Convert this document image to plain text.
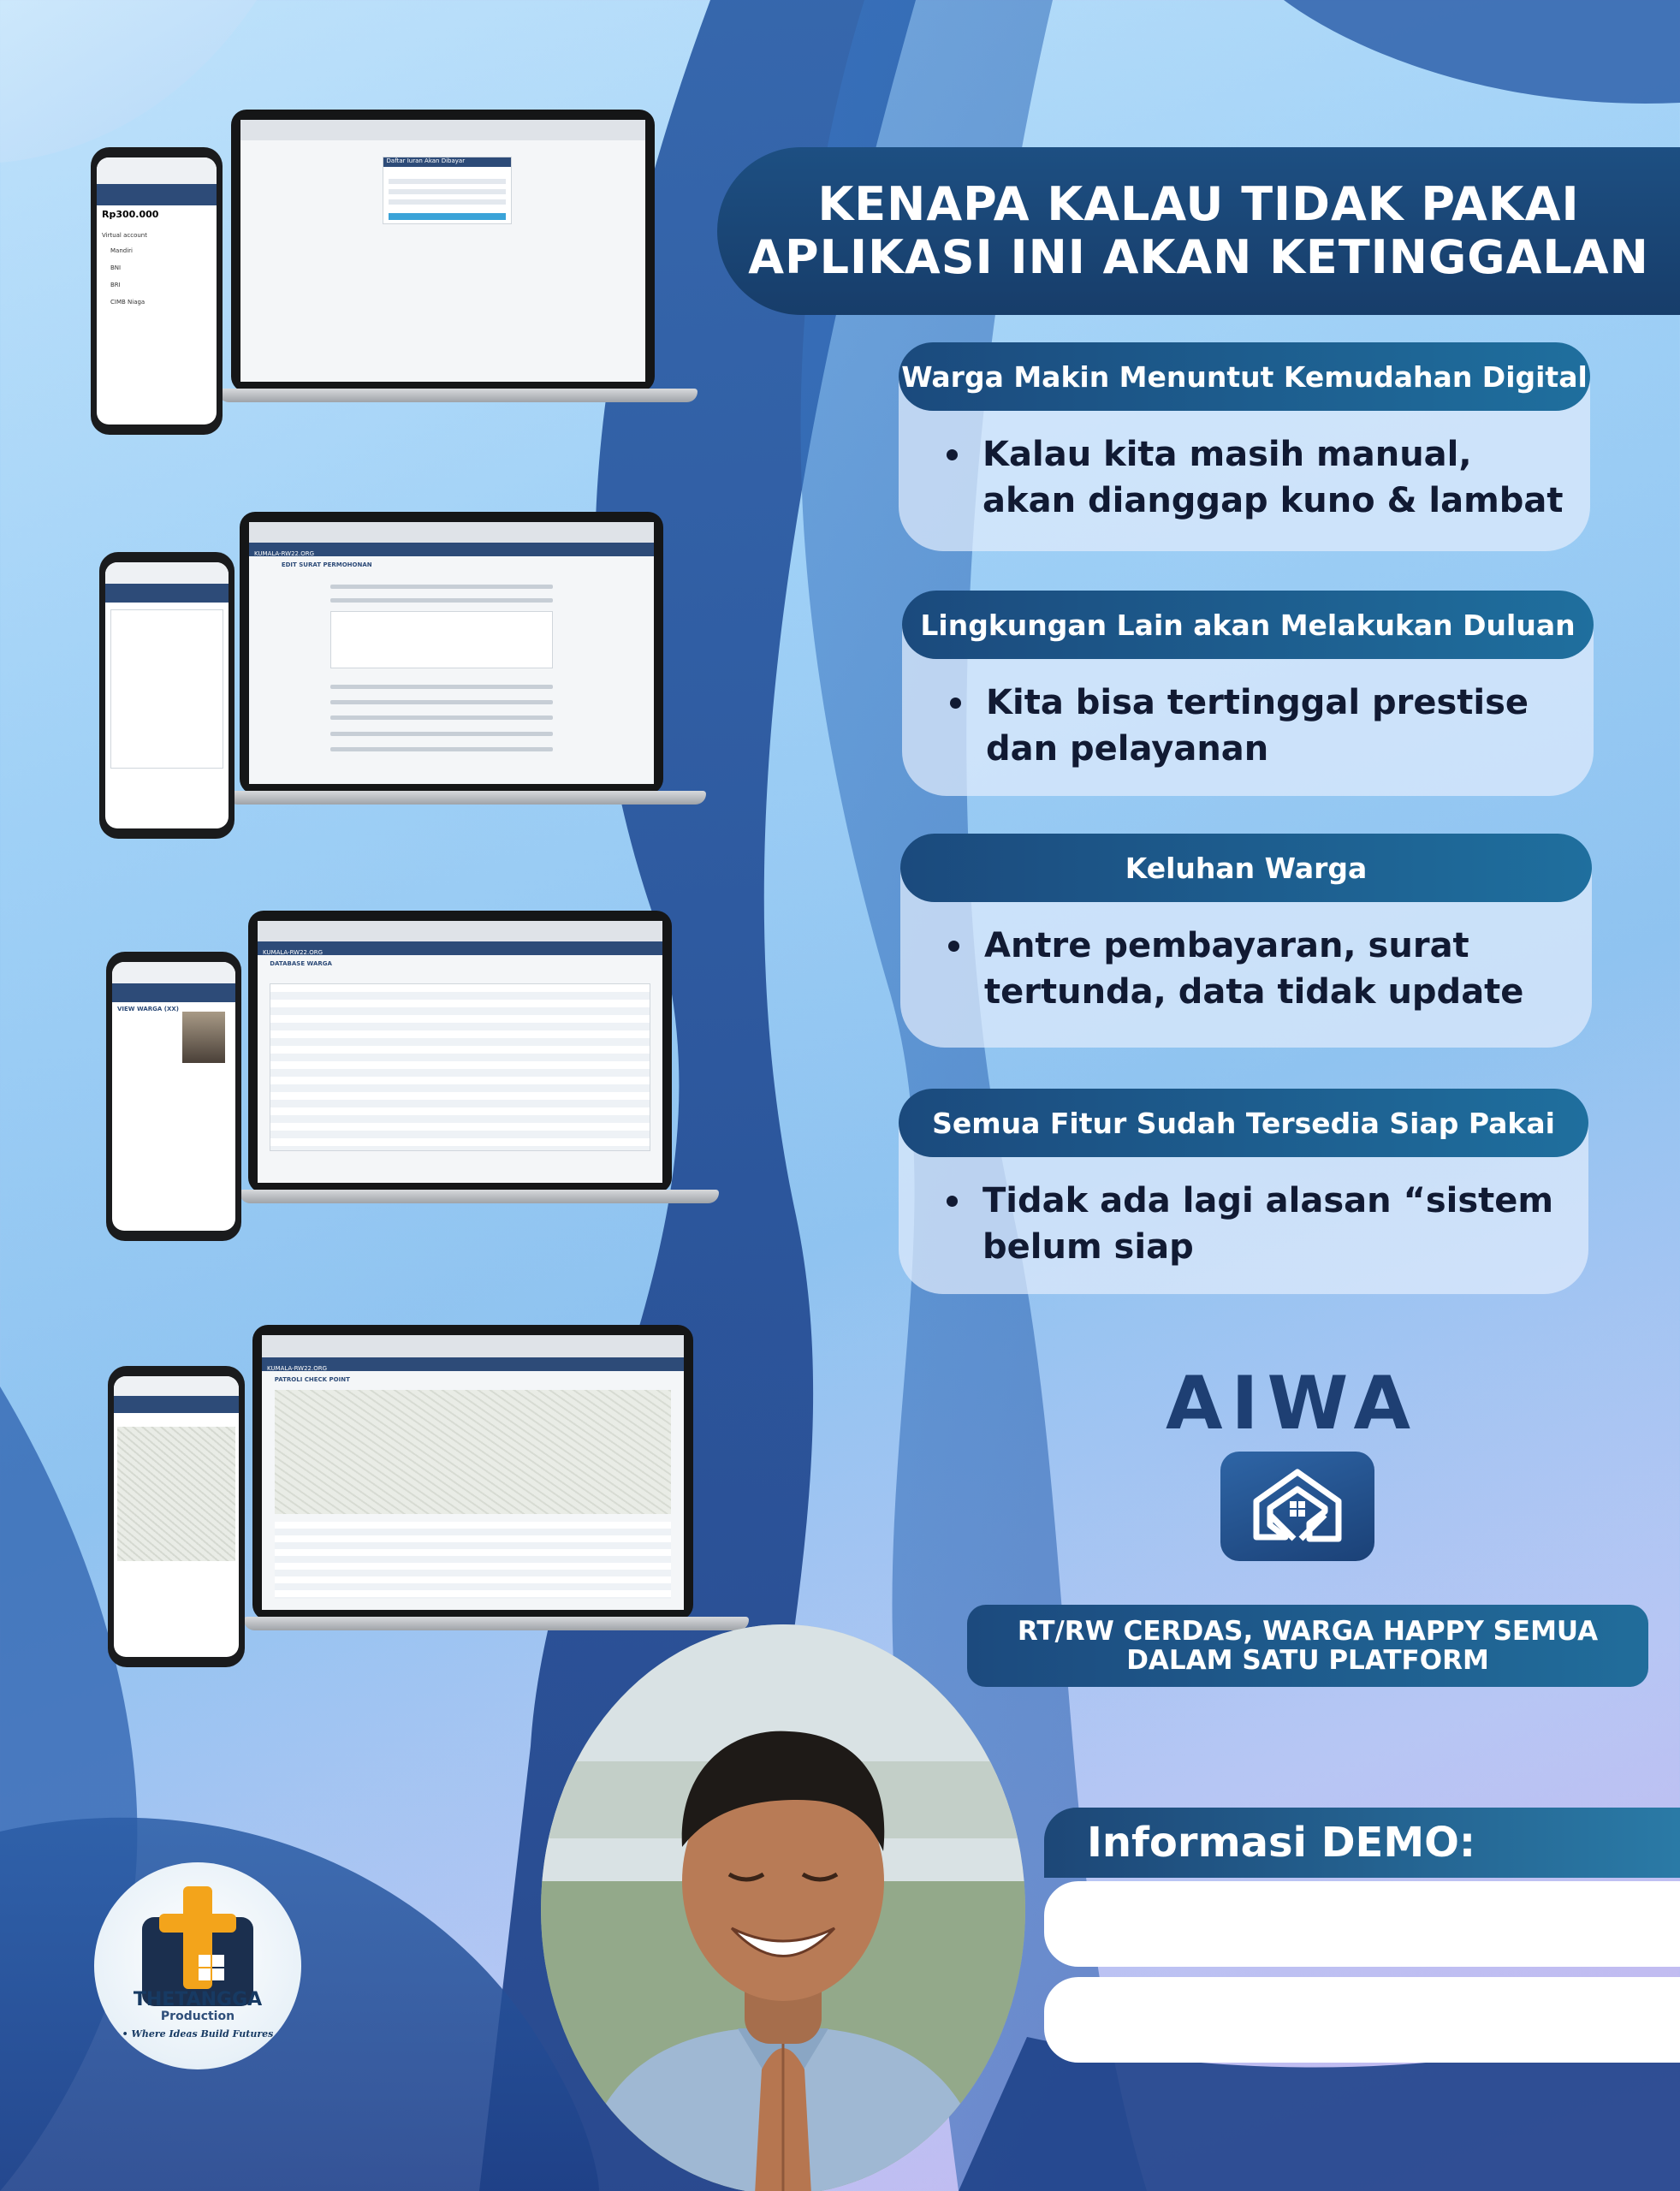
Daftar Iuran Akan Dibayar
Rp300.000
Virtual account
Mandiri
BNI
BRI
CIMB Niaga
KUMALA-RW22.ORG
EDIT SURAT PERMOHONAN
KUMALA-RW22.ORG
DATABASE WARGA
VIEW WARGA (XX)
KUMALA-RW22.ORG
PATROLI CHECK POINT
KENAPA KALAU TIDAK PAKAI
APLIKASI INI AKAN KETINGGALAN
Warga Makin Menuntut Kemudahan Digital
Kalau kita masih manual,
akan dianggap kuno & lambat
Lingkungan Lain akan Melakukan Duluan
Kita bisa tertinggal prestise
dan pelayanan
Keluhan Warga
Antre pembayaran, surat
tertunda, data tidak update
Semua Fitur Sudah Tersedia Siap Pakai
Tidak ada lagi alasan “sistem
belum siap
AIWA
RT/RW CERDAS, WARGA HAPPY SEMUA
DALAM SATU PLATFORM
Informasi DEMO:
THETANGGA
Production
• Where Ideas Build Futures
